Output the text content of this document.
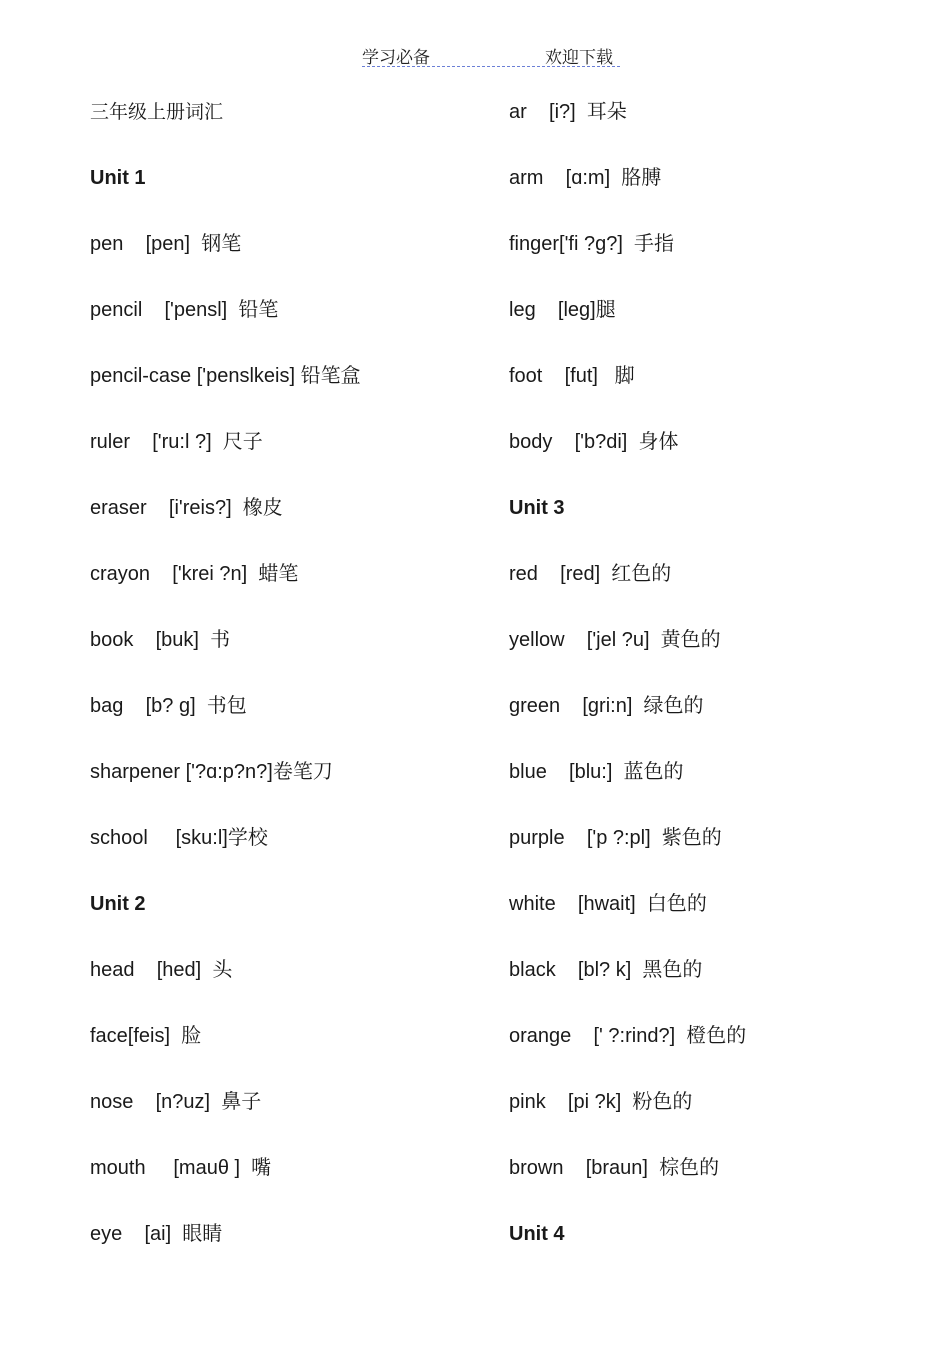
学习必备	欢迎下载
三年级上册词汇
Unit 1
pen    [pen]  钢笔
pencil    ['pensl]  铅笔
pencil-case ['penslkeis] 铅笔盒
ruler    ['ru:l ?]  尺子
eraser    [i'reis?]  橡皮
crayon    ['krei ?n]  蜡笔
book    [buk]  书
bag    [b? g]  书包
sharpener ['?ɑ:p?n?]卷笔刀
school     [sku:l]学校
Unit 2
head    [hed]  头
face[feis]  脸
nose    [n?uz]  鼻子
mouth     [mauθ ]  嘴
eye    [ai]  眼睛
ar    [i?]  耳朵
arm    [ɑ:m]  胳膊
finger['fi ?g?]  手指
leg    [leg]腿
foot    [fut]   脚
body    ['b?di]  身体
Unit 3
red    [red]  红色的
yellow    ['jel ?u]  黄色的
green    [gri:n]  绿色的
blue    [blu:]  蓝色的
purple    ['p ?:pl]  紫色的
white    [hwait]  白色的
black    [bl? k]  黑色的
orange    [' ?:rind?]  橙色的
pink    [pi ?k]  粉色的
brown    [braun]  棕色的
Unit 4
